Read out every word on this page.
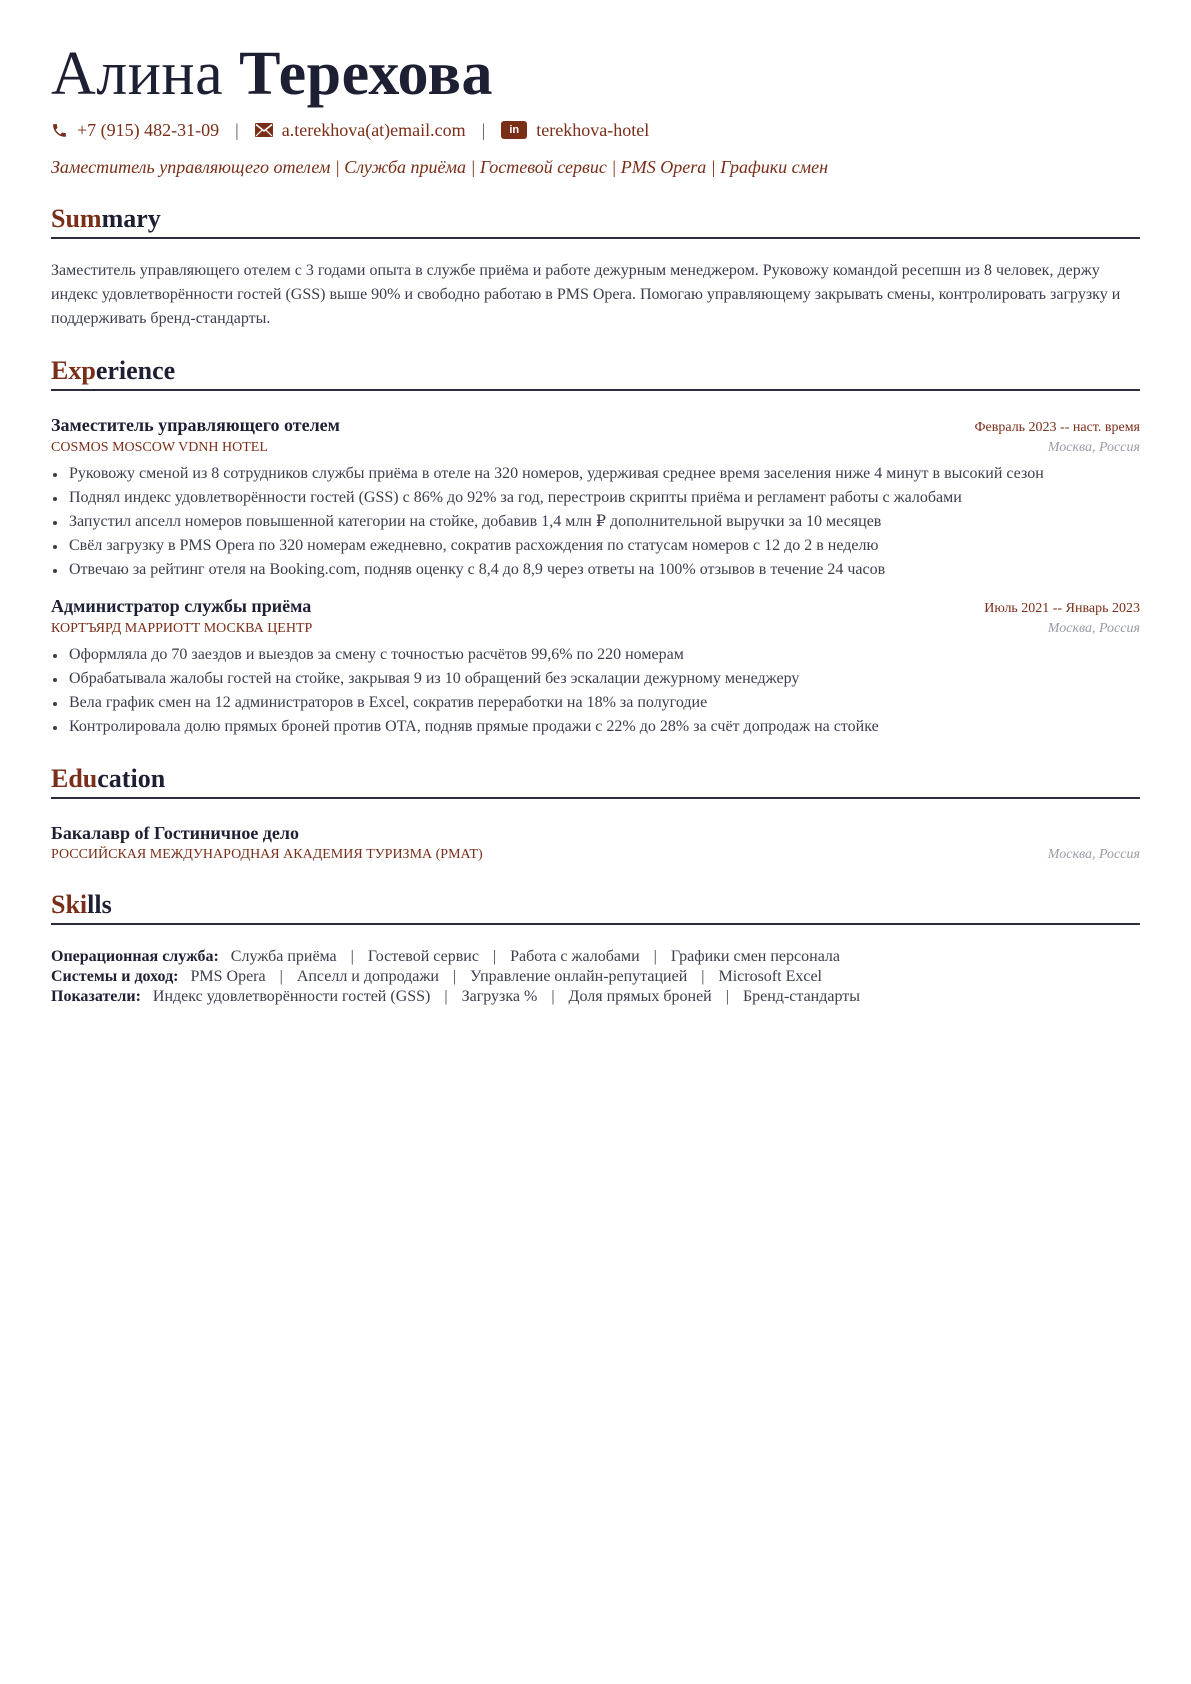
Алина Терехова
+7 (915) 482-31-09 | a.terekhova(at)email.com |	in terekhova-hotel
Заместитель управляющего отелем | Служба приёма | Гостевой сервис | PMS Opera | Графики смен
Summary
Заместитель управляющего отелем с 3 годами опыта в службе приёма и работе дежурным менеджером. Руковожу командой ресепшн из 8 человек, держу индекс удовлетворённости гостей (GSS) выше 90% и свободно работаю в PMS Opera. Помогаю управляющему закрывать смены, контролировать загрузку и поддерживать бренд-стандарты.
Experience
Заместитель управляющего отелем	Февраль 2023 -- наст. время
COSMOS MOSCOW VDNH HOTEL	Москва, Россия
Руковожу сменой из 8 сотрудников службы приёма в отеле на 320 номеров, удерживая среднее время заселения ниже 4 минут в высокий сезон
Поднял индекс удовлетворённости гостей (GSS) с 86% до 92% за год, перестроив скрипты приёма и регламент работы с жалобами
Запустил апселл номеров повышенной категории на стойке, добавив 1,4 млн ₽ дополнительной выручки за 10 месяцев
Свёл загрузку в PMS Opera по 320 номерам ежедневно, сократив расхождения по статусам номеров с 12 до 2 в неделю
Отвечаю за рейтинг отеля на Booking.com, подняв оценку с 8,4 до 8,9 через ответы на 100% отзывов в течение 24 часов
Администратор службы приёма	Июль 2021 -- Январь 2023
КОРТЪЯРД МАРРИОТТ МОСКВА ЦЕНТР	Москва, Россия
Оформляла до 70 заездов и выездов за смену с точностью расчётов 99,6% по 220 номерам
Обрабатывала жалобы гостей на стойке, закрывая 9 из 10 обращений без эскалации дежурному менеджеру
Вела график смен на 12 администраторов в Excel, сократив переработки на 18% за полугодие
Контролировала долю прямых броней против OTA, подняв прямые продажи с 22% до 28% за счёт допродаж на стойке
Education
Бакалавр of Гостиничное дело
РОССИЙСКАЯ МЕЖДУНАРОДНАЯ АКАДЕМИЯ ТУРИЗМА (РМАТ)	Москва, Россия
Skills
Операционная служба: Служба приёма | Гостевой сервис | Работа с жалобами | Графики смен персонала
Системы и доход: PMS Opera | Апселл и допродажи | Управление онлайн-репутацией | Microsoft Excel
Показатели: Индекс удовлетворённости гостей (GSS) | Загрузка % | Доля прямых броней | Бренд-стандарты
